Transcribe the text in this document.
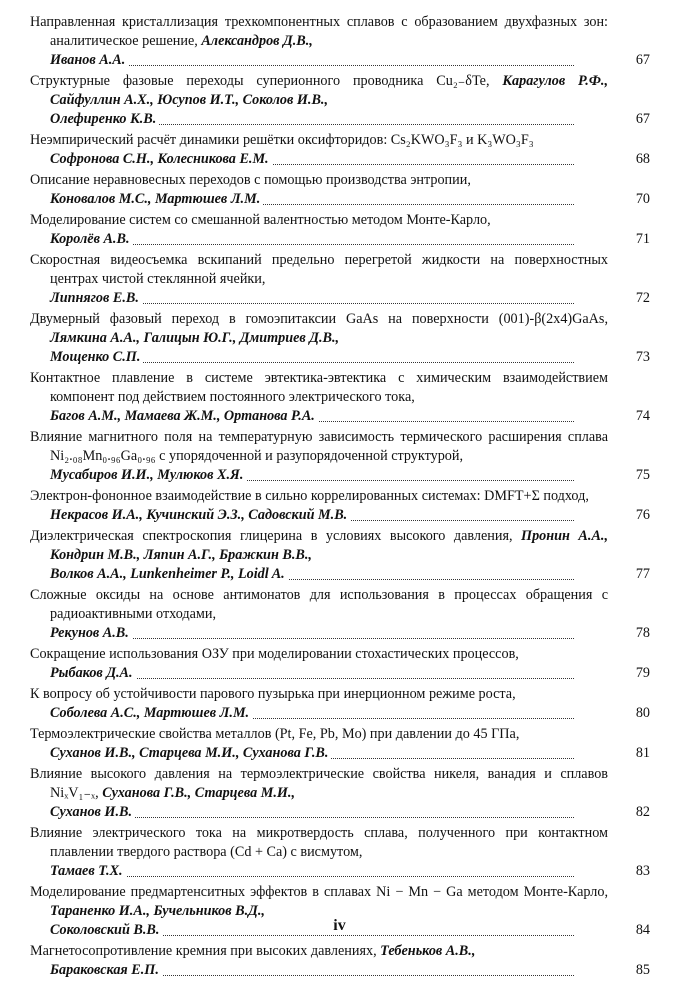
Направленная кристаллизация трехкомпонентных сплавов с образованием двухфазных зон: аналитическое решение, Александров Д.В.,
Иванов А.А.	67
Структурные фазовые переходы суперионного проводника Cu₂₋δTe, Карагулов Р.Ф., Сайфуллин А.Х., Юсупов И.Т., Соколов И.В.,
Олефиренко К.В.	67
Неэмпирический расчёт динамики решётки оксифторидов: Cs₂KWO₃F₃ и K₃WO₃F₃
Софронова С.Н., Колесникова Е.М.	68
Описание неравновесных переходов с помощью производства энтропии,
Коновалов М.С., Мартюшев Л.М.	70
Моделирование систем со смешанной валентностью методом Монте-Карло,
Королёв А.В.	71
Скоростная видеосъемка вскипаний предельно перегретой жидкости на поверхностных центрах чистой стеклянной ячейки,
Липнягов Е.В.	72
Двумерный фазовый переход в гомоэпитаксии GaAs на поверхности (001)-β(2x4)GaAs, Лямкина А.А., Галицын Ю.Г., Дмитриев Д.В.,
Мощенко С.П.	73
Контактное плавление в системе эвтектика-эвтектика с химическим взаимодействием компонент под действием постоянного электрического тока,
Багов А.М., Мамаева Ж.М., Ортанова Р.А.	74
Влияние магнитного поля на температурную зависимость термического расширения сплава Ni₂.₀₈Mn₀.₉₆Ga₀.₉₆ с упорядоченной и разупорядоченной структурой,
Мусабиров И.И., Мулюков Х.Я.	75
Электрон-фононное взаимодействие в сильно коррелированных системах: DMFT+Σ подход,
Некрасов И.А., Кучинский Э.З., Садовский М.В.	76
Диэлектрическая спектроскопия глицерина в условиях высокого давления, Пронин А.А., Кондрин М.В., Ляпин А.Г., Бражкин В.В.,
Волков А.А., Lunkenheimer P., Loidl A.	77
Сложные оксиды на основе антимонатов для использования в процессах обращения с радиоактивными отходами,
Рекунов А.В.	78
Сокращение использования ОЗУ при моделировании стохастических процессов,
Рыбаков Д.А.	79
К вопросу об устойчивости парового пузырька при инерционном режиме роста,
Соболева А.С., Мартюшев Л.М.	80
Термоэлектрические свойства металлов (Pt, Fe, Pb, Mo) при давлении до 45 ГПа,
Суханов И.В., Старцева М.И., Суханова Г.В.	81
Влияние высокого давления на термоэлектрические свойства никеля, ванадия и сплавов NiₓV₁₋ₓ, Суханова Г.В., Старцева М.И.,
Суханов И.В.	82
Влияние электрического тока на микротвердость сплава, полученного при контактном плавлении твердого раствора (Cd + Ca) с висмутом,
Тамаев Т.Х.	83
Моделирование предмартенситных эффектов в сплавах Ni − Mn − Ga методом Монте-Карло, Тараненко И.А., Бучельников В.Д.,
Соколовский В.В.	84
Магнетосопротивление кремния при высоких давлениях, Тебеньков А.В.,
Бараковская Е.П.	85
iv
